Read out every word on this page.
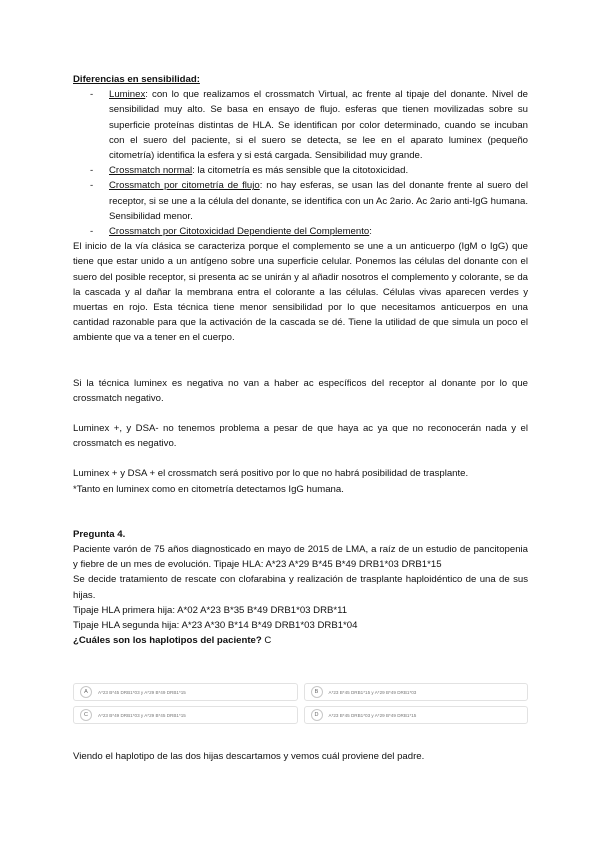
Diferencias en sensibilidad:
- Luminex: con lo que realizamos el crossmatch Virtual, ac frente al tipaje del donante. Nivel de sensibilidad muy alto. Se basa en ensayo de flujo. esferas que tienen movilizadas sobre su superficie proteínas distintas de HLA. Se identifican por color determinado, cuando se incuban con el suero del paciente, si el suero se detecta, se lee en el aparato luminex (pequeño citometría) identifica la esfera y si está cargada. Sensibilidad muy grande.
- Crossmatch normal: la citometría es más sensible que la citotoxicidad.
- Crossmatch por citometría de flujo: no hay esferas, se usan las del donante frente al suero del receptor, si se une a la célula del donante, se identifica con un Ac 2ario. Ac 2ario anti-IgG humana. Sensibilidad menor.
- Crossmatch por Citotoxicidad Dependiente del Complemento:

El inicio de la vía clásica se caracteriza porque el complemento se une a un anticuerpo (IgM o IgG) que tiene que estar unido a un antígeno sobre una superficie celular. Ponemos las células del donante con el suero del posible receptor, si presenta ac se unirán y al añadir nosotros el complemento y colorante, se da la cascada y al dañar la membrana entra el colorante a las células. Células vivas aparecen verdes y muertas en rojo. Esta técnica tiene menor sensibilidad por lo que necesitamos anticuerpos en una cantidad razonable para que la activación de la cascada se dé. Tiene la utilidad de que simula un poco el ambiente que va a tener en el cuerpo.

Si la técnica luminex es negativa no van a haber ac específicos del receptor al donante por lo que crossmatch negativo.

Luminex +, y DSA- no tenemos problema a pesar de que haya ac ya que no reconocerán nada y el crossmatch es negativo.

Luminex + y DSA + el crossmatch será positivo por lo que no habrá posibilidad de trasplante.

*Tanto en luminex como en citometría detectamos IgG humana.

Pregunta 4.

Paciente varón de 75 años diagnosticado en mayo de 2015 de LMA, a raíz de un estudio de pancitopenia y fiebre de un mes de evolución. Tipaje HLA: A*23 A*29 B*45 B*49 DRB1*03 DRB1*15

Se decide tratamiento de rescate con clofarabina y realización de trasplante haploidéntico de una de sus hijas.

Tipaje HLA primera hija: A*02 A*23 B*35 B*49 DRB1*03 DRB*11

Tipaje HLA segunda hija: A*23 A*30 B*14 B*49 DRB1*03 DRB1*04

¿Cuáles son los haplotipos del paciente? C

A	A*23 B*45 DRB1*03 y A*29 B*49 DRB1*15	B	A*23 B*45 DRB1*15 y A*29 B*49 DRB1*03
C	A*23 B*49 DRB1*03 y A*29 B*45 DRB1*15	D	A*23 B*45 DRB1*03 y A*29 B*49 DRB1*15
Viendo el haplotipo de las dos hijas descartamos y vemos cuál proviene del padre.
